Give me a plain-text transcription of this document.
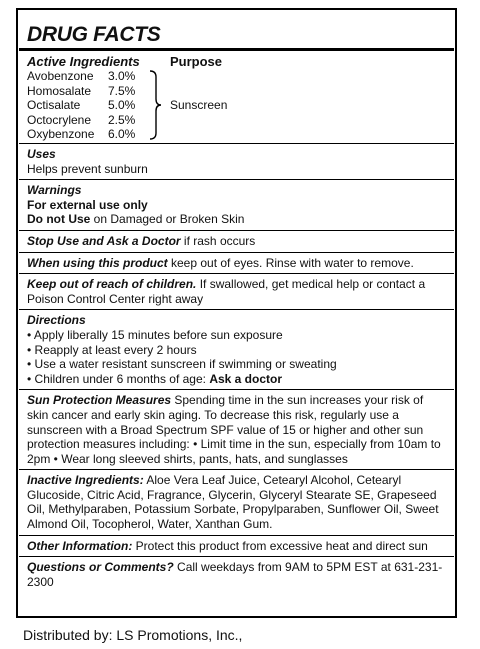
DRUG FACTS
Active Ingredients	Purpose
Avobenzone	3.0%
Homosalate	7.5%
Octisalate	5.0%
Octocrylene	2.5%
Oxybenzone	6.0%
Sunscreen
Uses
Helps prevent sunburn
Warnings
For external use only
Do not Use on Damaged or Broken Skin
Stop Use and Ask a Doctor if rash occurs
When using this product keep out of eyes. Rinse with water to remove.
Keep out of reach of children. If swallowed, get medical help or contact a Poison Control Center right away
Directions
• Apply liberally 15 minutes before sun exposure
• Reapply at least every 2 hours
• Use a water resistant sunscreen if swimming or sweating
• Children under 6 months of age: Ask a doctor
Sun Protection Measures Spending time in the sun increases your risk of skin cancer and early skin aging. To decrease this risk, regularly use a sunscreen with a Broad Spectrum SPF value of 15 or higher and other sun protection measures including: • Limit time in the sun, especially from 10am to 2pm • Wear long sleeved shirts, pants, hats, and sunglasses
Inactive Ingredients: Aloe Vera Leaf Juice, Cetearyl Alcohol, Cetearyl Glucoside, Citric Acid, Fragrance, Glycerin, Glyceryl Stearate SE, Grapeseed Oil, Methylparaben, Potassium Sorbate, Propylparaben, Sunflower Oil, Sweet Almond Oil, Tocopherol, Water, Xanthan Gum.
Other Information: Protect this product from excessive heat and direct sun
Questions or Comments? Call weekdays from 9AM to 5PM EST at 631-231-2300
Distributed by: LS Promotions, Inc.,
